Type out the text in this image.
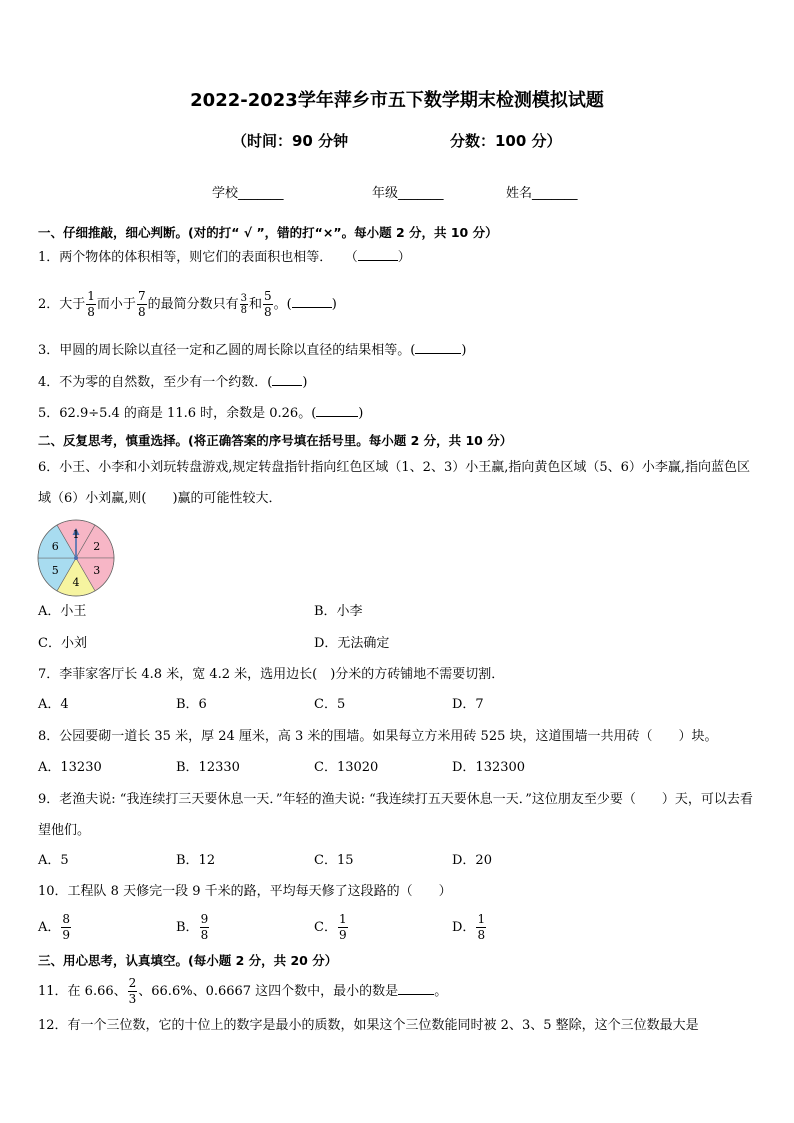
2022-2023学年萍乡市五下数学期末检测模拟试题
（时间：90 分钟	分数：100 分）
学校_______	年级_______	姓名_______
一、仔细推敲，细心判断。(对的打“ √ ”，错的打“×”。每小题 2 分，共 10 分）
1．两个物体的体积相等，则它们的表面积也相等． （	）
2．大于 $\frac{1}{8}$ 而小于 $\frac{7}{8}$ 的最简分数只有 $\frac{3}{8}$ 和 $\frac{5}{8}$ 。(	)
3．甲圆的周长除以直径一定和乙圆的周长除以直径的结果相等。(	)
4．不为零的自然数，至少有一个约数．( )
5．62.9÷5.4 的商是 11.6 时，余数是 0.26。(	)
二、反复思考，慎重选择。(将正确答案的序号填在括号里。每小题 2 分，共 10 分）
6．小王、小李和小刘玩转盘游戏,规定转盘指针指向红色区域（1、2、3）小王赢,指向黄色区域（5、6）小李赢,指向蓝色区域（6）小刘赢,则(　　)赢的可能性较大．
1
2
3
4
5
6
A．小王	B．小李
C．小刘	D．无法确定
7．李菲家客厅长 4.8 米，宽 4.2 米，选用边长(　)分米的方砖铺地不需要切割．
A．4	B．6	C．5	D．7
8．公园要砌一道长 35 米，厚 24 厘米，高 3 米的围墙。如果每立方米用砖 525 块，这道围墙一共用砖（　　）块。
A．13230	B．12330	C．13020	D．132300
9．老渔夫说: “我连续打三天要休息一天．”年轻的渔夫说: “我连续打五天要休息一天．”这位朋友至少要（　　）天，可以去看望他们。
A．5	B．12	C．15	D．20
10．工程队 8 天修完一段 9 千米的路，平均每天修了这段路的（　　）
A． $\frac{8}{9}$	B． $\frac{9}{8}$	C． $\frac{1}{9}$	D． $\frac{1}{8}$
三、用心思考，认真填空。(每小题 2 分，共 20 分）
11．在 6.66、 $\frac{2}{3}$ 、66.6%、0.6667 这四个数中，最小的数是	。
12．有一个三位数，它的十位上的数字是最小的质数，如果这个三位数能同时被 2、3、5 整除，这个三位数最大是
